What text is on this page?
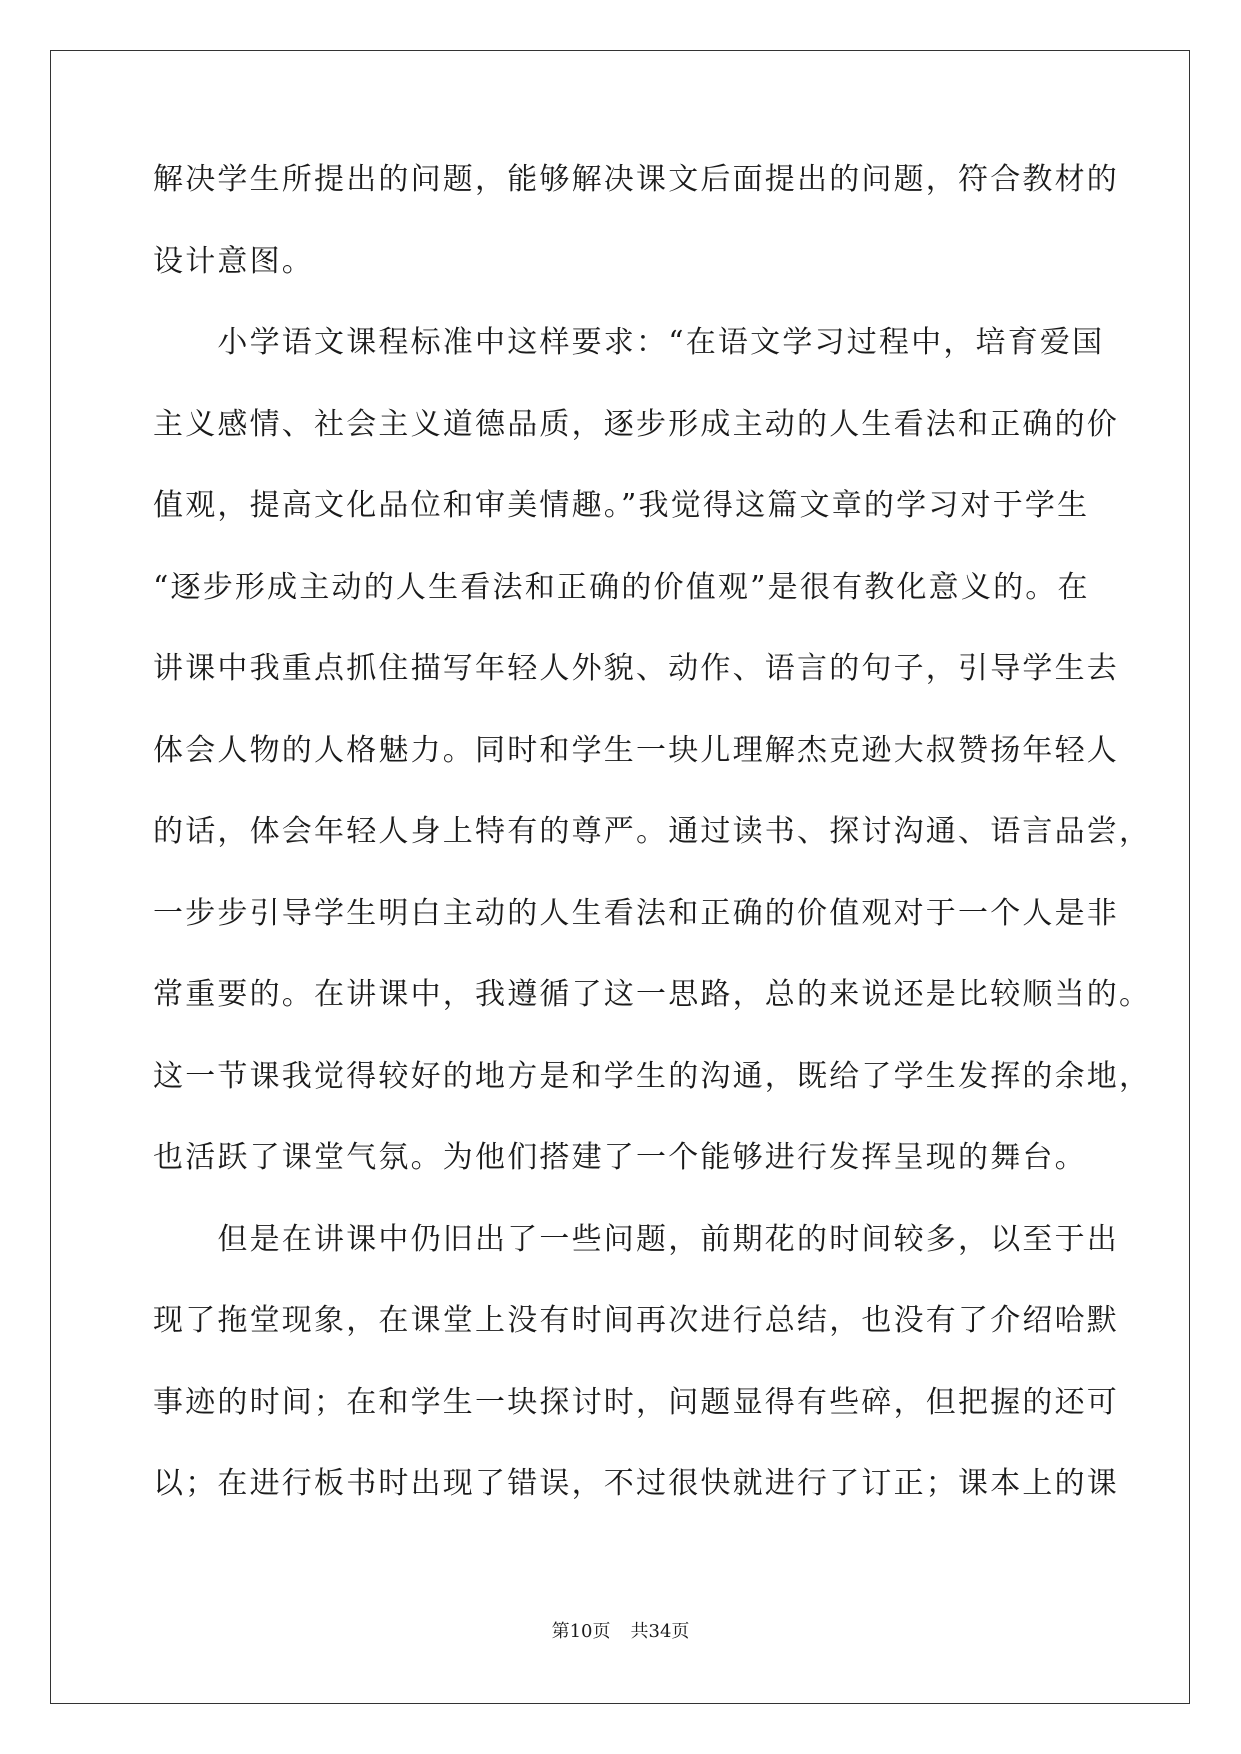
解决学生所提出的问题，能够解决课文后面提出的问题，符合教材的
设计意图。
　　小学语文课程标准中这样要求：“在语文学习过程中，培育爱国
主义感情、社会主义道德品质，逐步形成主动的人生看法和正确的价
值观，提高文化品位和审美情趣。”我觉得这篇文章的学习对于学生
“逐步形成主动的人生看法和正确的价值观”是很有教化意义的。在
讲课中我重点抓住描写年轻人外貌、动作、语言的句子，引导学生去
体会人物的人格魅力。同时和学生一块儿理解杰克逊大叔赞扬年轻人
的话，体会年轻人身上特有的尊严。通过读书、探讨沟通、语言品尝，
一步步引导学生明白主动的人生看法和正确的价值观对于一个人是非
常重要的。在讲课中，我遵循了这一思路，总的来说还是比较顺当的。
这一节课我觉得较好的地方是和学生的沟通，既给了学生发挥的余地，
也活跃了课堂气氛。为他们搭建了一个能够进行发挥呈现的舞台。
　　但是在讲课中仍旧出了一些问题，前期花的时间较多，以至于出
现了拖堂现象，在课堂上没有时间再次进行总结，也没有了介绍哈默
事迹的时间；在和学生一块探讨时，问题显得有些碎，但把握的还可
以；在进行板书时出现了错误，不过很快就进行了订正；课本上的课
第10页 共34页
